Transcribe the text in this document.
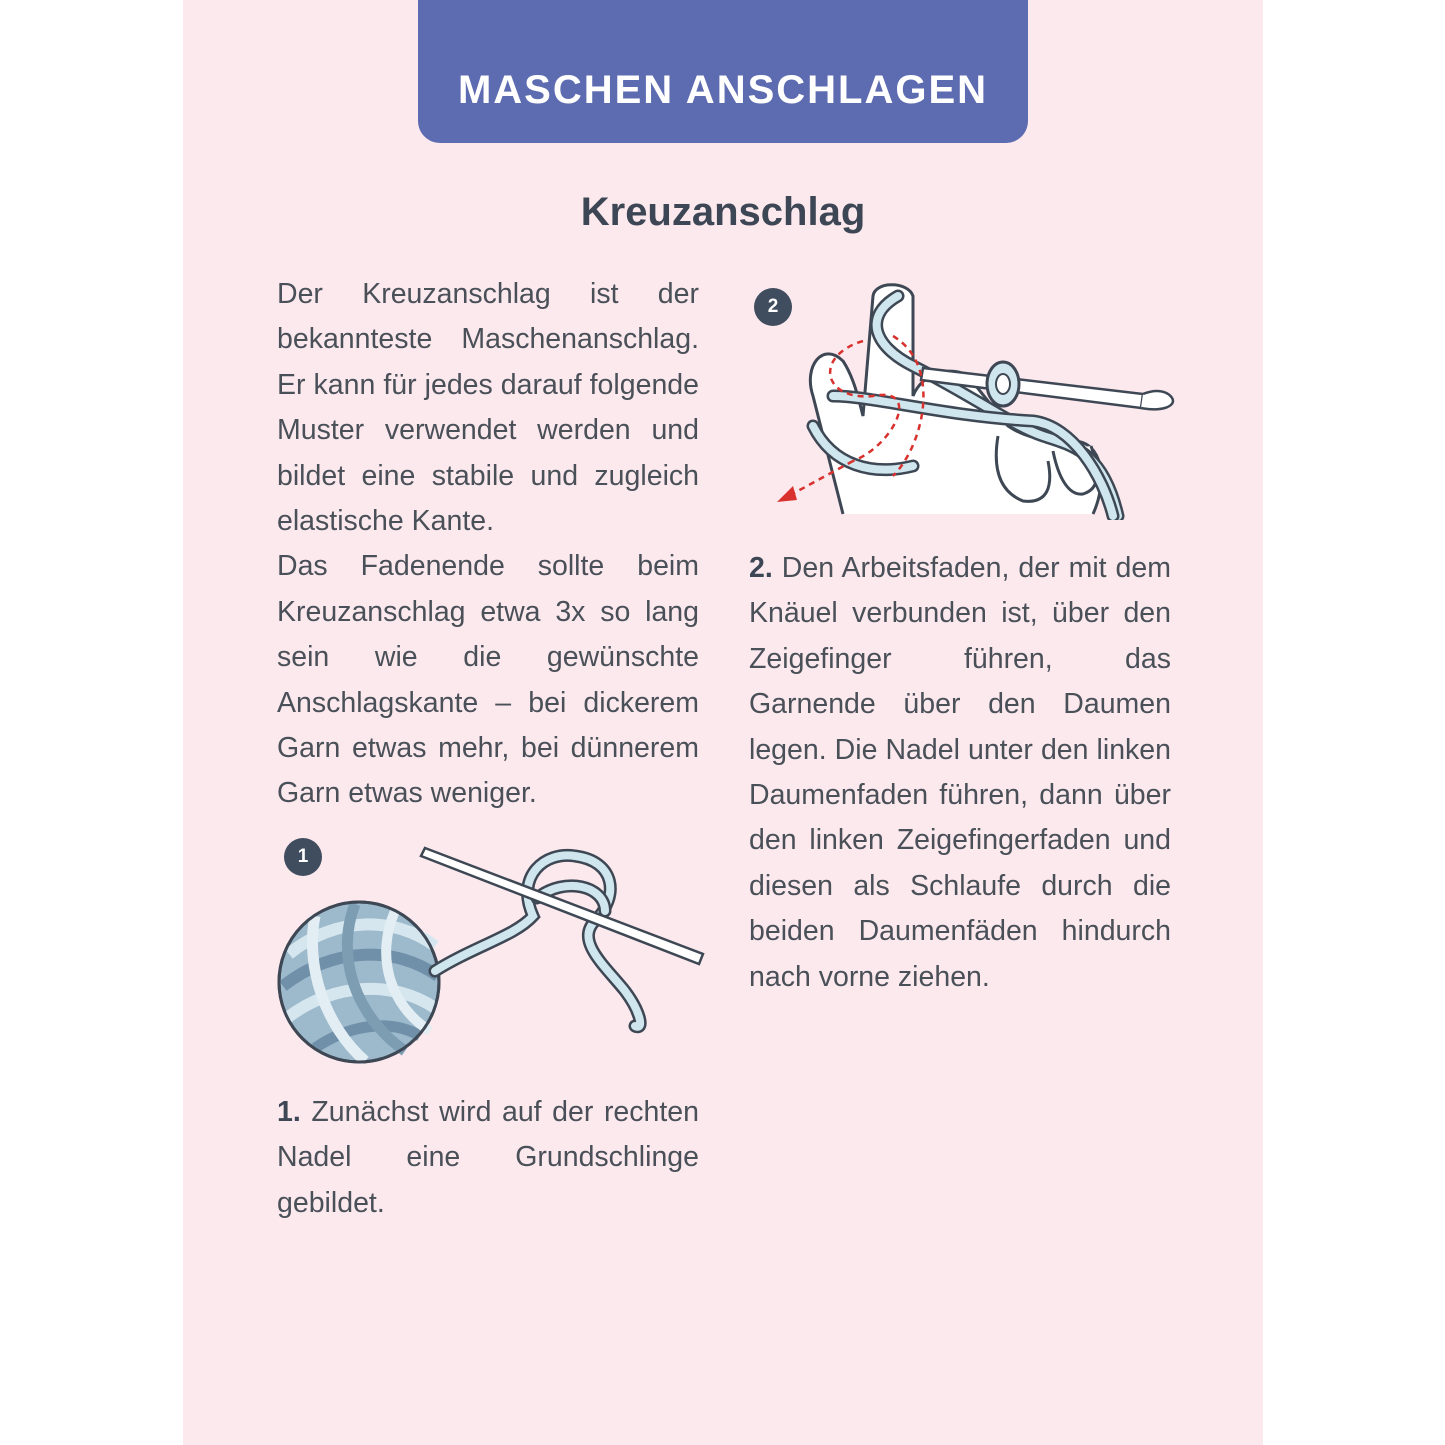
MASCHEN ANSCHLAGEN
Kreuzanschlag

Der Kreuzanschlag ist der bekannteste Maschenanschlag. Er kann für jedes darauf folgende Muster verwendet werden und bildet eine stabile und zugleich elastische Kante.

Das Fadenende sollte beim Kreuzanschlag etwa 3x so lang sein wie die gewünschte Anschlagskante – bei dickerem Garn etwas mehr, bei dünnerem Garn etwas weniger.

1

1. Zunächst wird auf der rechten Nadel eine Grundschlinge gebildet.

2

2. Den Arbeitsfaden, der mit dem Knäuel verbunden ist, über den Zeigefinger führen, das Garnende über den Daumen legen. Die Nadel unter den linken Daumenfaden führen, dann über den linken Zeigefingerfaden und diesen als Schlaufe durch die beiden Daumenfäden hindurch nach vorne ziehen.
